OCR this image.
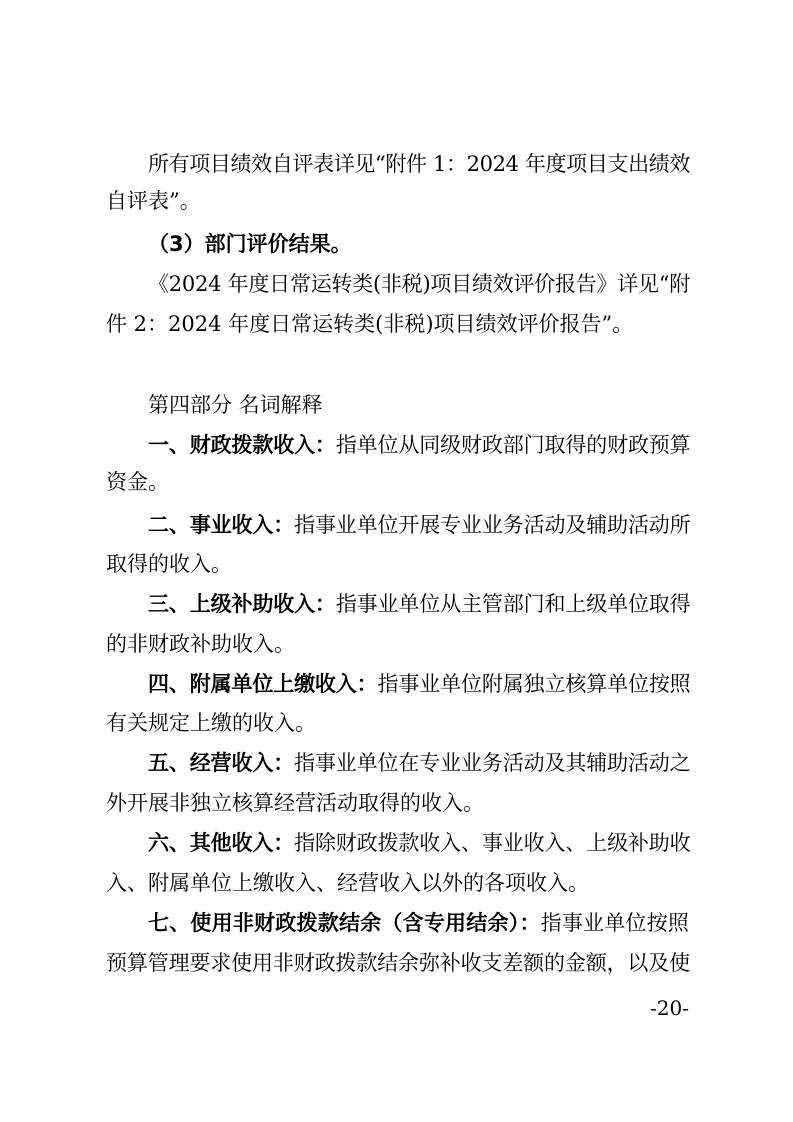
所有项目绩效自评表详见“附件 1：2024 年度项目支出绩效
自评表”。
（3）部门评价结果。
《2024 年度日常运转类(非税)项目绩效评价报告》详见“附
件 2：2024 年度日常运转类(非税)项目绩效评价报告”。
第四部分 名词解释
一、财政拨款收入：指单位从同级财政部门取得的财政预算
资金。
二、事业收入：指事业单位开展专业业务活动及辅助活动所
取得的收入。
三、上级补助收入：指事业单位从主管部门和上级单位取得
的非财政补助收入。
四、附属单位上缴收入：指事业单位附属独立核算单位按照
有关规定上缴的收入。
五、经营收入：指事业单位在专业业务活动及其辅助活动之
外开展非独立核算经营活动取得的收入。
六、其他收入：指除财政拨款收入、事业收入、上级补助收
入、附属单位上缴收入、经营收入以外的各项收入。
七、使用非财政拨款结余（含专用结余）：指事业单位按照
预算管理要求使用非财政拨款结余弥补收支差额的金额，以及使
-20-
